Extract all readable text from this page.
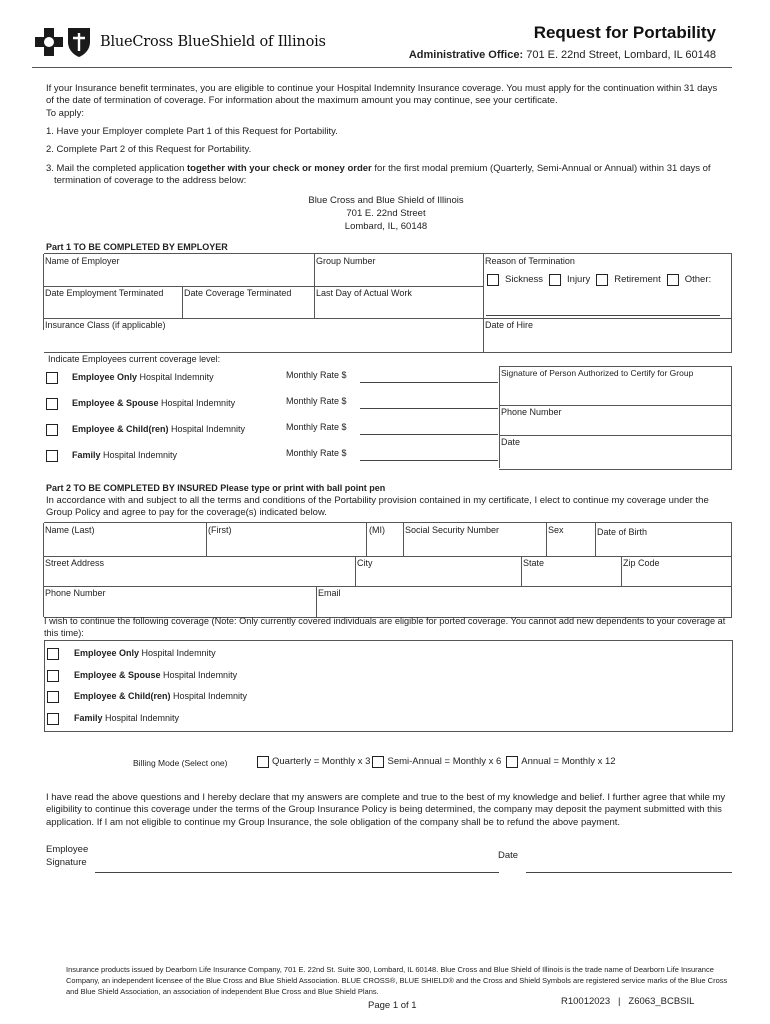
BlueCross BlueShield of Illinois	Request for Portability
Administrative Office: 701 E. 22nd Street, Lombard, IL 60148

If your Insurance benefit terminates, you are eligible to continue your Hospital Indemnity Insurance coverage. You must apply for the continuation within 31 days of the date of termination of coverage. For information about the maximum amount you may continue, see your certificate.

To apply:

1. Have your Employer complete Part 1 of this Request for Portability.

2. Complete Part 2 of this Request for Portability.

3. Mail the completed application together with your check or money order for the first modal premium (Quarterly, Semi-Annual or Annual) within 31 days of termination of coverage to the address below:

Blue Cross and Blue Shield of Illinois
701 E. 22nd Street
Lombard, IL, 60148
Part 1 TO BE COMPLETED BY EMPLOYER
Name of Employer	Group Number	Reason of Termination
Sickness	Injury	Retirement	Other:
Date Employment Terminated Date Coverage Terminated	Last Day of Actual Work
Insurance Class (if applicable)	Date of Hire
Indicate Employees current coverage level:
Employee Only Hospital Indemnity	Monthly Rate $
Employee & Spouse Hospital Indemnity	Monthly Rate $
Employee & Child(ren) Hospital Indemnity	Monthly Rate $
Family Hospital Indemnity	Monthly Rate $
Signature of Person Authorized to Certify for Group
Phone Number
Date
Part 2 TO BE COMPLETED BY INSURED Please type or print with ball point pen
In accordance with and subject to all the terms and conditions of the Portability provision contained in my certificate, I elect to continue my coverage under the Group Policy and agree to pay for the coverage(s) indicated below.
Name (Last)	(First)	(MI) Social Security Number	Sex	Date of Birth
Street Address	City	State	Zip Code
Phone Number	Email
I wish to continue the following coverage (Note: Only currently covered individuals are eligible for ported coverage. You cannot add new dependents to your coverage at this time):
Employee Only Hospital Indemnity
Employee & Spouse Hospital Indemnity
Employee & Child(ren) Hospital Indemnity
Family Hospital Indemnity
Billing Mode (Select one)	Quarterly = Monthly x 3 Semi-Annual = Monthly x 6 Annual = Monthly x 12
I have read the above questions and I hereby declare that my answers are complete and true to the best of my knowledge and belief. I further agree that while my eligibility to continue this coverage under the terms of the Group Insurance Policy is being determined, the company may deposit the payment submitted with this application. If I am not eligible to continue my Group Insurance, the sole obligation of the company shall be to refund the above payment.
Employee
Signature
Date
Insurance products issued by Dearborn Life Insurance Company, 701 E. 22nd St. Suite 300, Lombard, IL 60148. Blue Cross and Blue Shield of Illinois is the trade name of Dearborn Life Insurance Company, an independent licensee of the Blue Cross and Blue Shield Association. BLUE CROSS®, BLUE SHIELD® and the Cross and Shield Symbols are registered service marks of the Blue Cross and Blue Shield Association, an association of independent Blue Cross and Blue Shield Plans.
Page 1 of 1	R10012023   |   Z6063_BCBSIL
